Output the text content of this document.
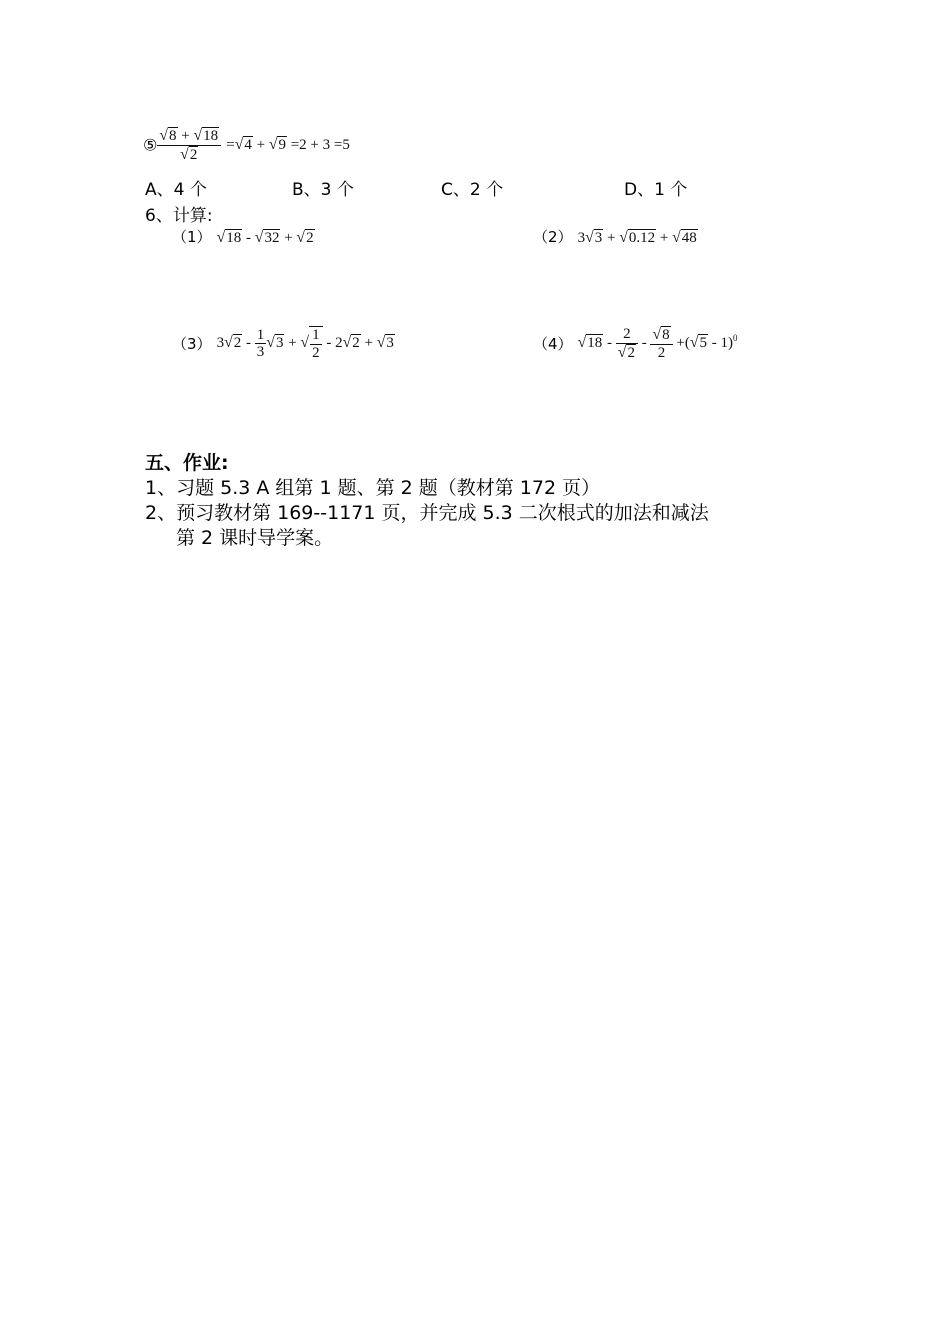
⑤ $\frac{√8 + √18}{√2} =√4 + √9 =2 + 3 =5$
A、4 个	B、3 个	C、2 个	D、1 个
6、计算:
（1） √18 - √32 + √2	（2） 3√3 + √0.12 + √48
（3） $3√2 - \frac{1}{3} √3$ + √ $\frac{1}{2} - 2√2 + √3$	（4） $√18 - \frac{2}{√2} - \frac{√8}{2} +(√5 - 1)^0$
五、作业:
1、习题 5.3 A 组第 1 题、第 2 题（教材第 172 页）
2、预习教材第 169--1171 页，并完成 5.3 二次根式的加法和减法
第 2 课时导学案。
